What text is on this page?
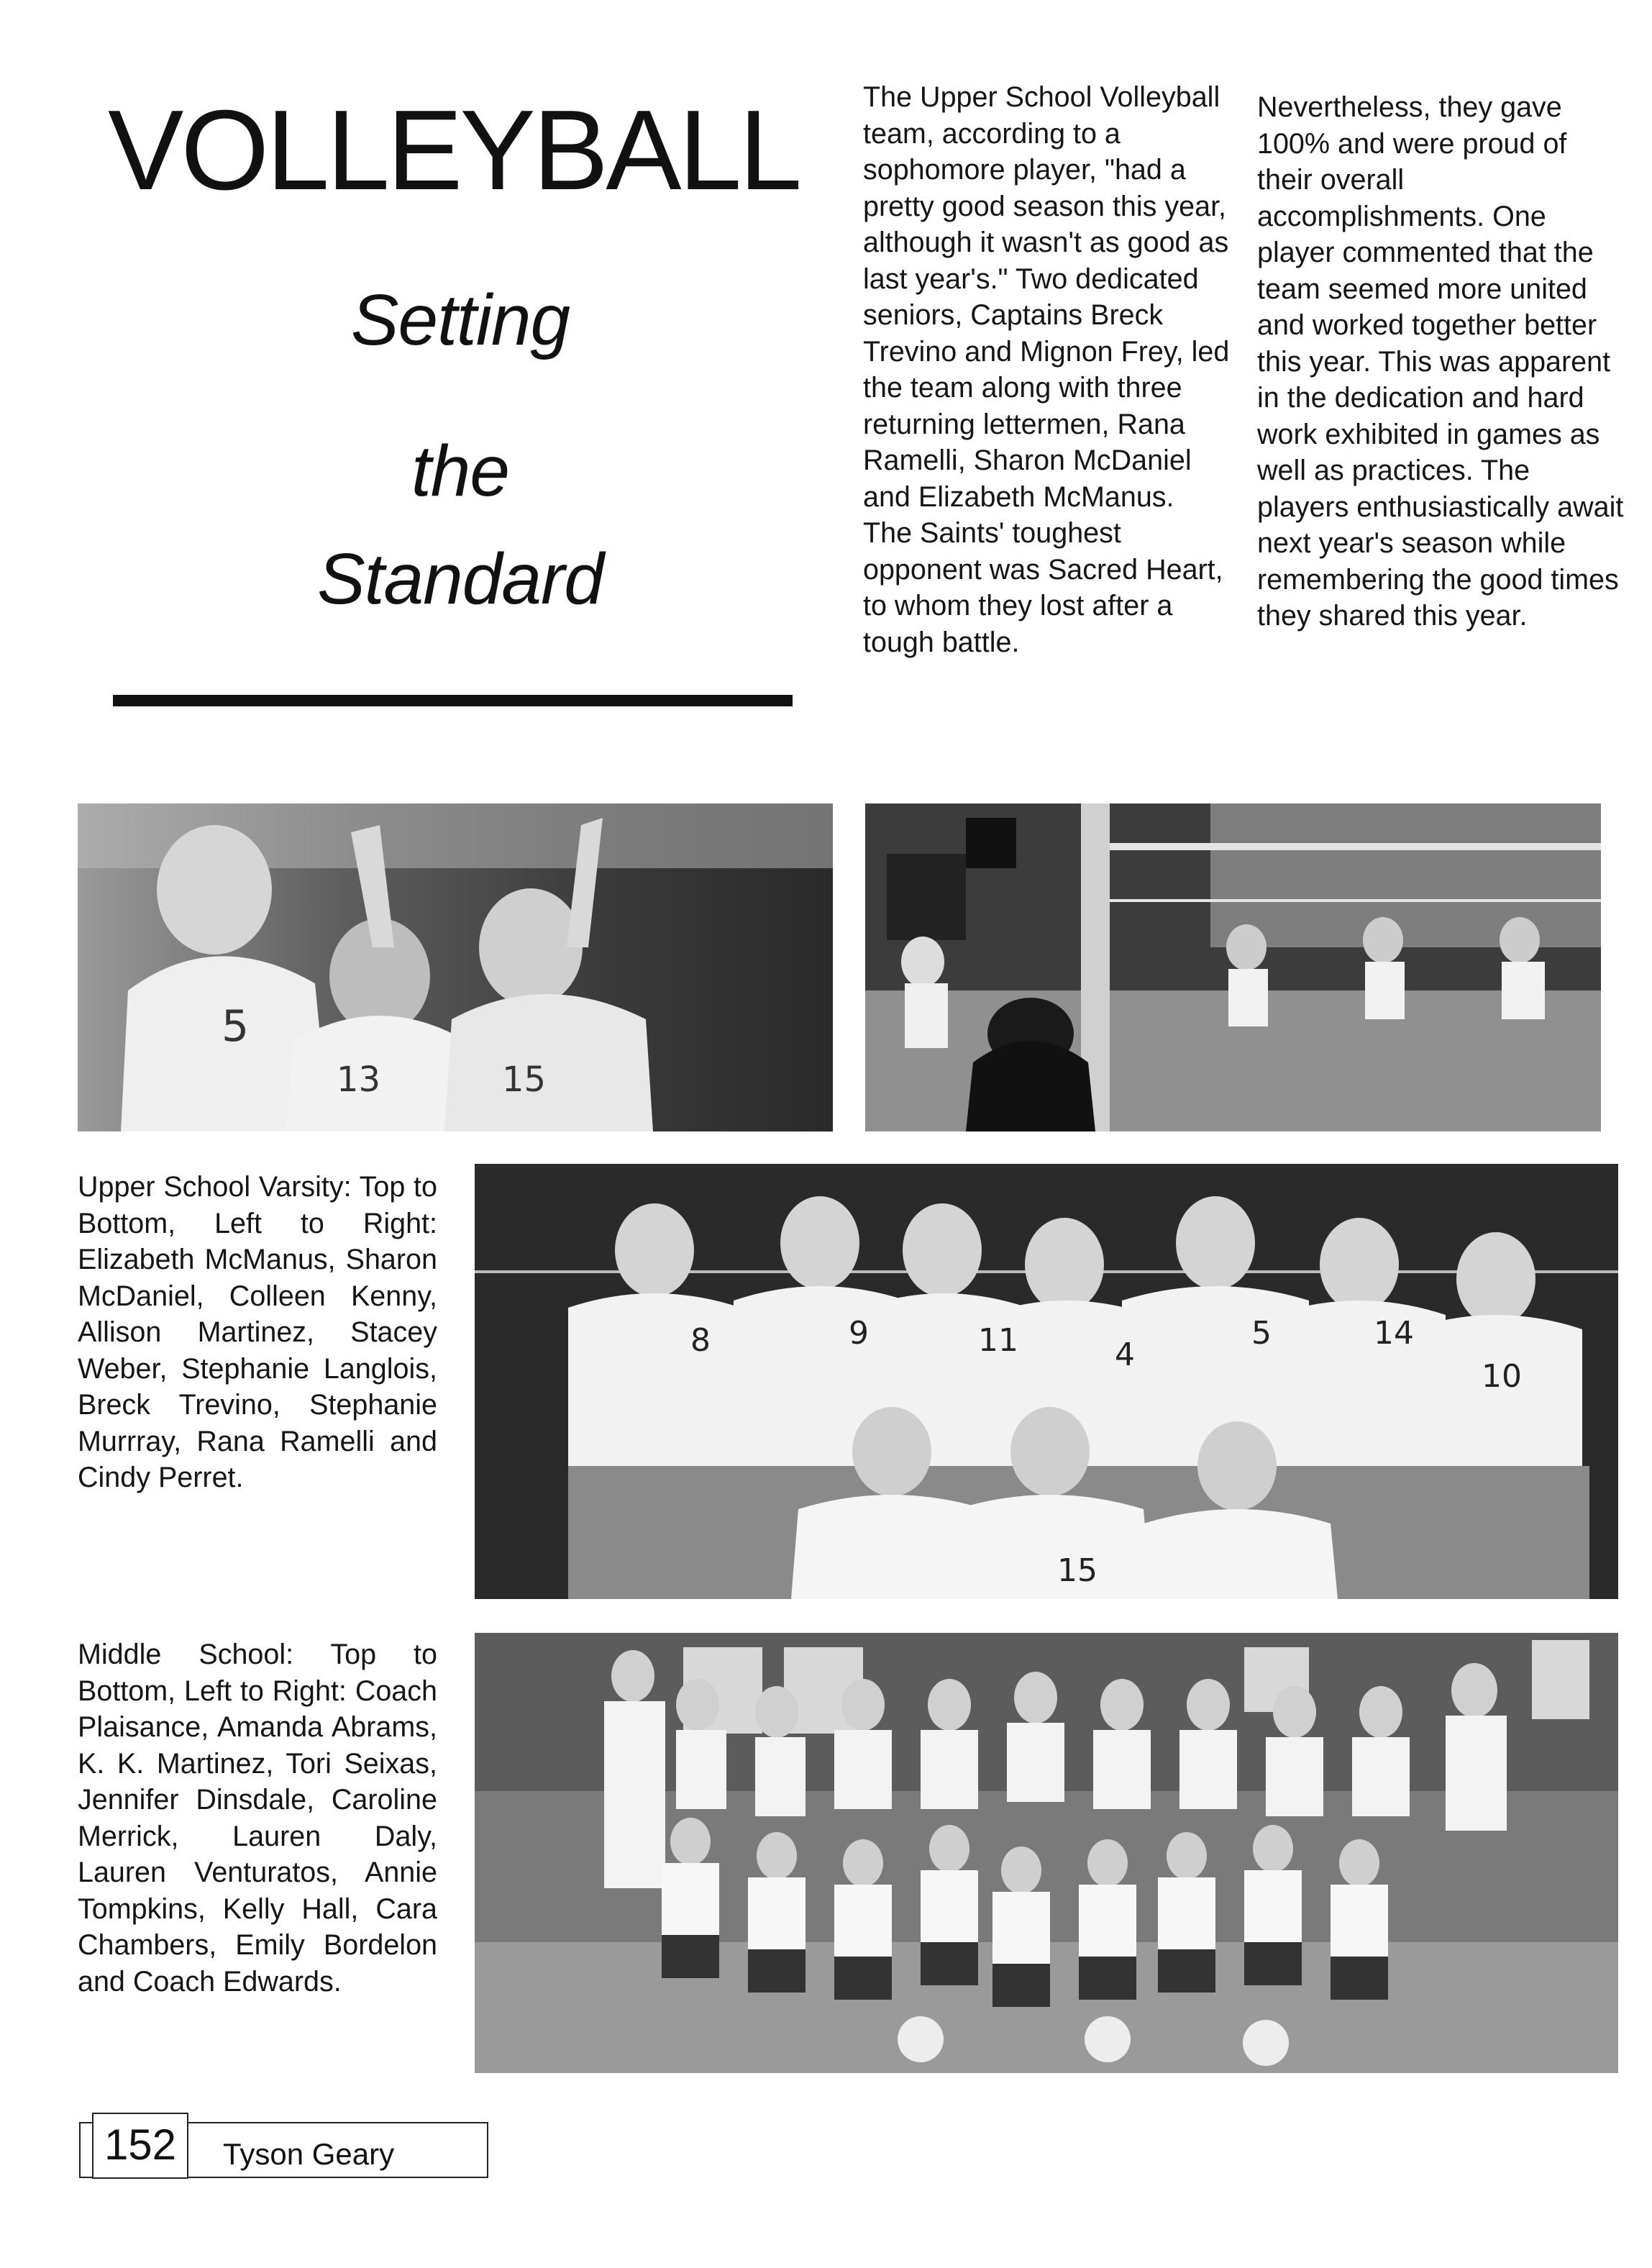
VOLLEYBALL
Setting
the
Standard
The Upper School Volleyball team, according to a sophomore player, "had a pretty good season this year, although it wasn't as good as last year's." Two dedicated seniors, Captains Breck Trevino and Mignon Frey, led the team along with three returning lettermen, Rana Ramelli, Sharon McDaniel and Elizabeth McManus. The Saints' toughest opponent was Sacred Heart, to whom they lost after a tough battle.
Nevertheless, they gave 100% and were proud of their overall accomplishments. One player commented that the team seemed more united and worked together better this year. This was apparent in the dedication and hard work exhibited in games as well as practices. The players enthusiastically await next year's season while remembering the good times they shared this year.
5
13	15
Upper School Varsity: Top to Bottom, Left to Right: Elizabeth McManus, Sharon McDaniel, Colleen Kenny, Allison Martinez, Stacey Weber, Stephanie Langlois, Breck Trevino, Stephanie Murrray, Rana Ramelli and Cindy Perret.
8	9	11	4
5	14
10
15
Middle School: Top to Bottom, Left to Right: Coach Plaisance, Amanda Abrams, K. K. Martinez, Tori Seixas, Jennifer Dinsdale, Caroline Merrick, Lauren Daly, Lauren Venturatos, Annie Tompkins, Kelly Hall, Cara Chambers, Emily Bordelon and Coach Edwards.
152	Tyson Geary
